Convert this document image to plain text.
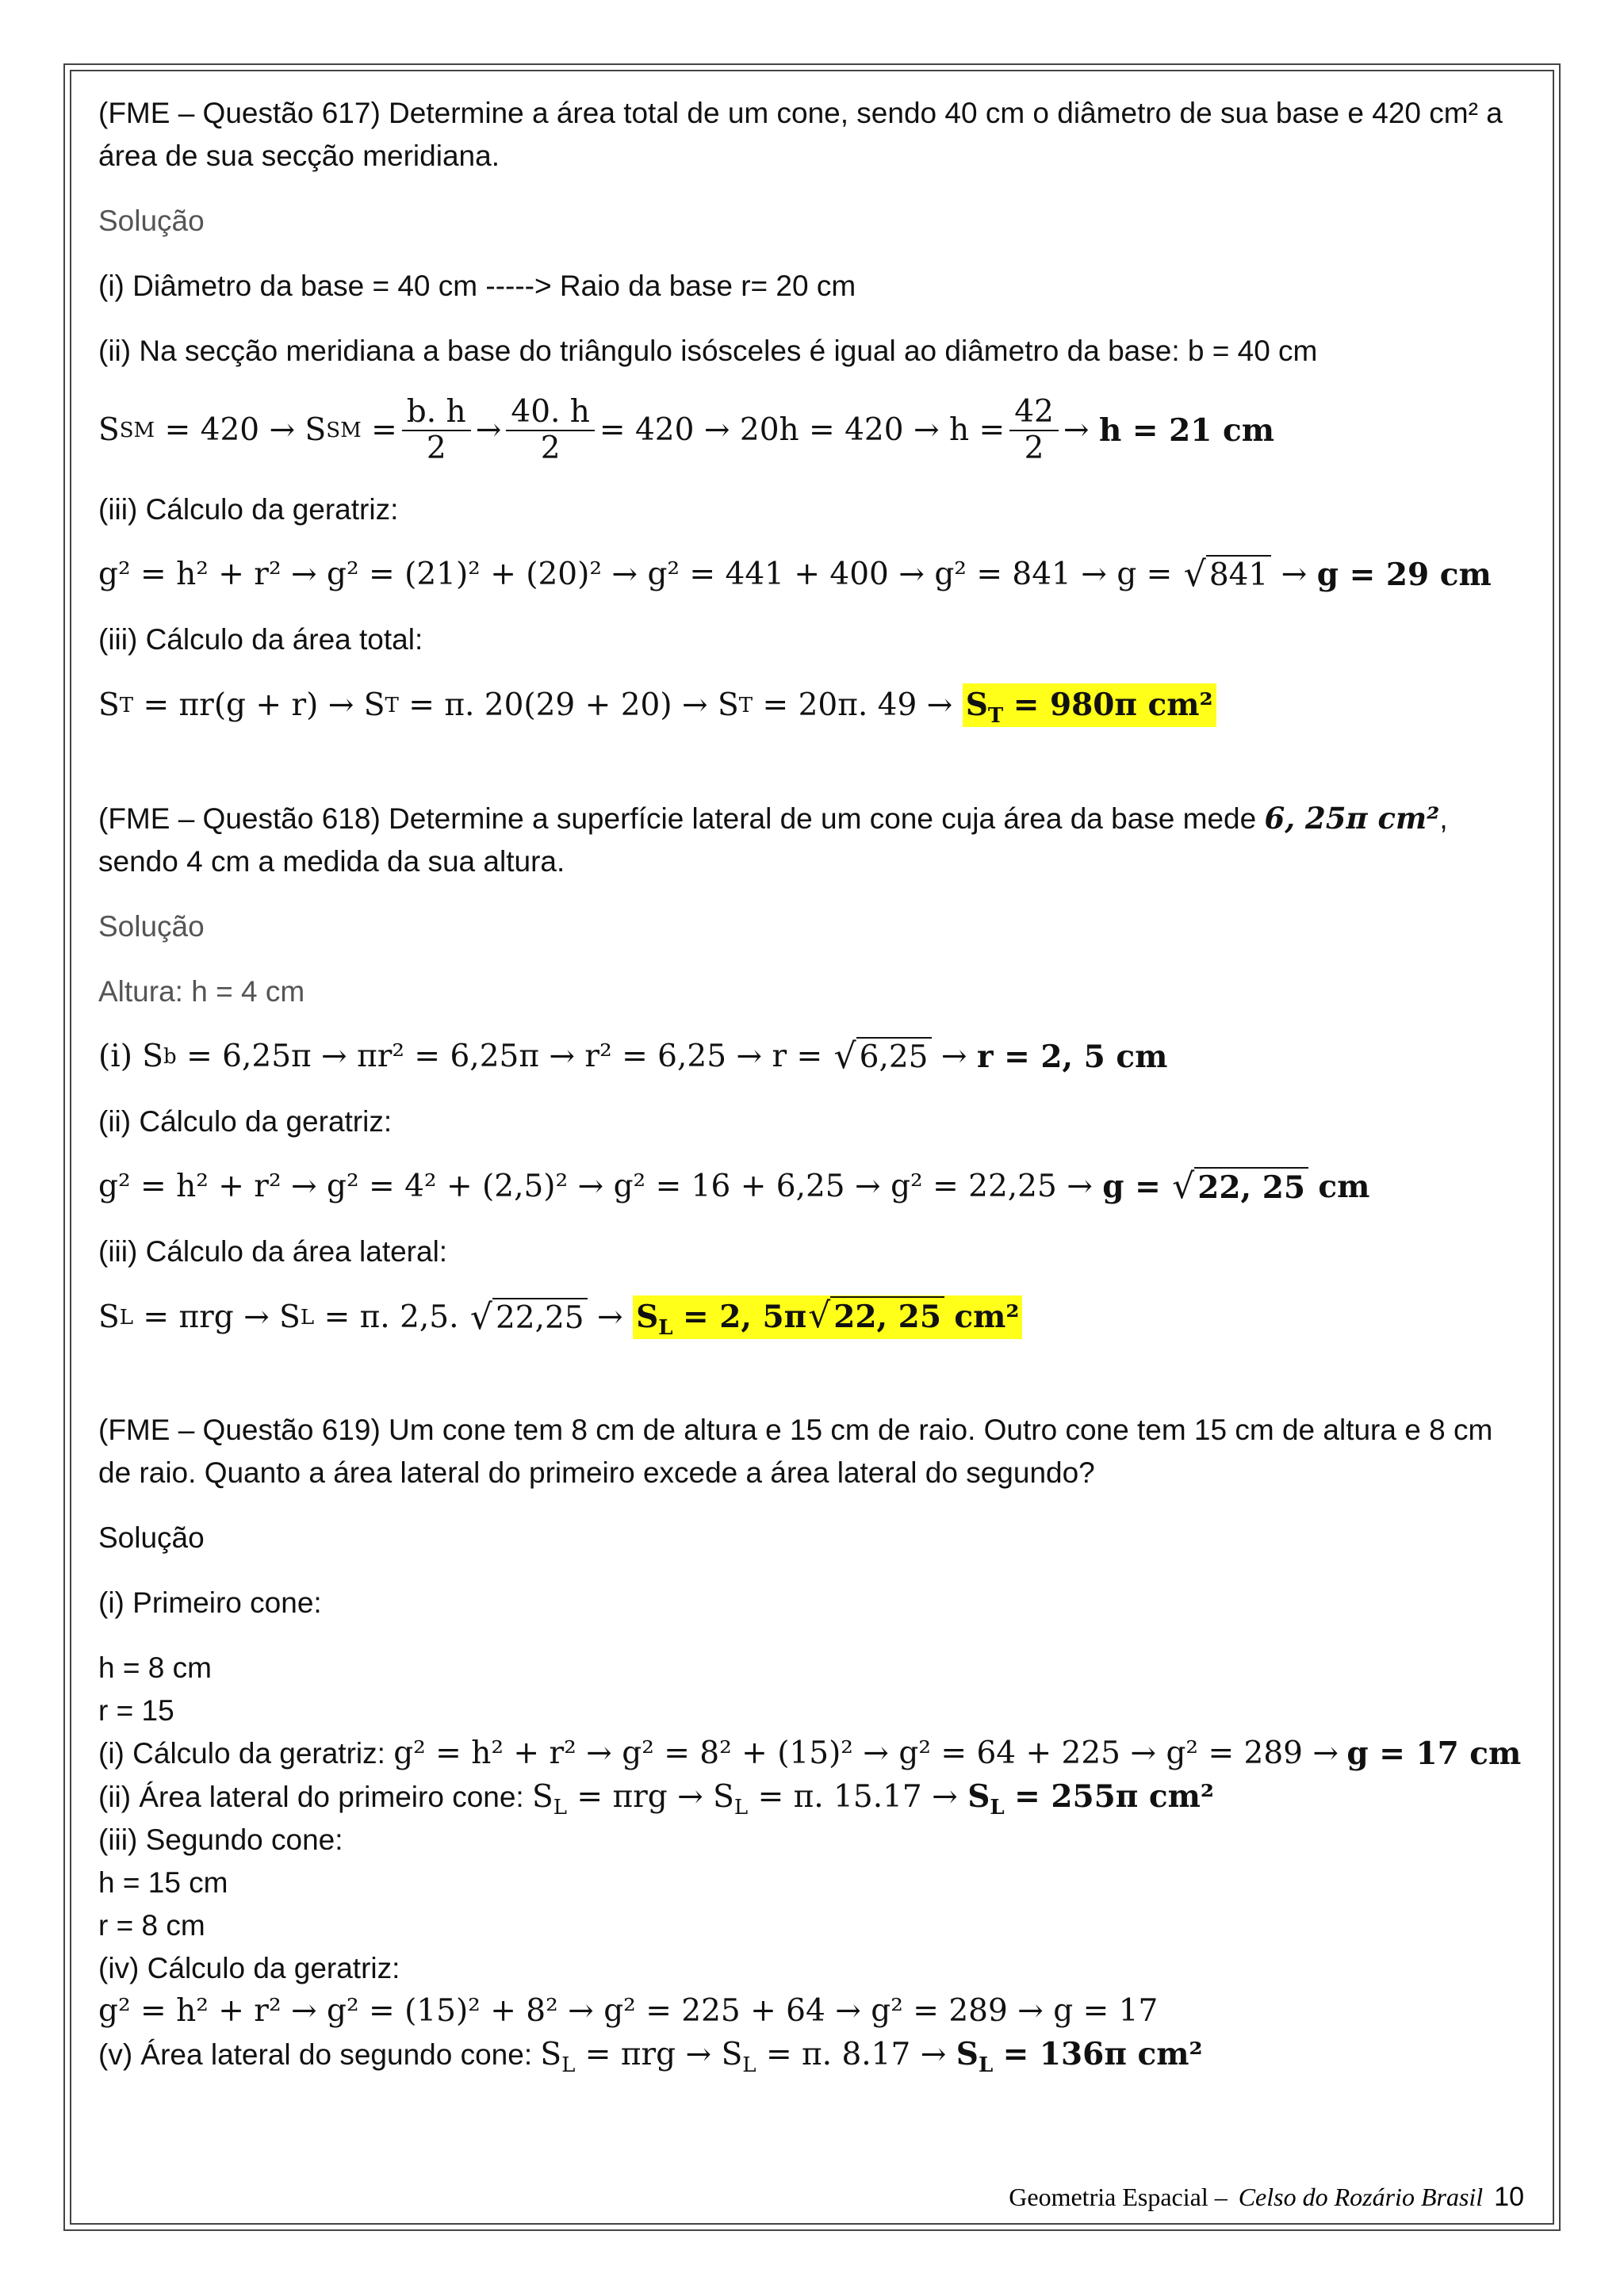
(FME – Questão 617) Determine a área total de um cone, sendo 40 cm o diâmetro de sua base e 420 cm² a área de sua secção meridiana.

Solução

(i) Diâmetro da base = 40 cm -----> Raio da base r= 20 cm

(ii) Na secção meridiana a base do triângulo isósceles é igual ao diâmetro da base: b = 40 cm

S SM
= 420 → S SM
= $\frac{b. h}{2} \to \frac{40. h}{2} = 420 \to 20h = 420 \to h = \frac{42}{2}$ →
h = 21 cm

(iii) Cálculo da geratriz:

g² = h² + r² → g² = (21)² + (20)² → g² = 441 + 400 → g² = 841 → g =
√ 841
→
g = 29 cm

(iii) Cálculo da área total:

S T
= πr(g + r) → S T
= π. 20(29 + 20) → S T
= 20π. 49 →
$S_T = 980\pi$ cm²

(FME – Questão 618) Determine a superfície lateral de um cone cuja área da base mede 6, 25π cm², sendo 4 cm a medida da sua altura.

Solução

Altura: h = 4 cm

(i) S b
= 6,25π → πr² = 6,25π → r² = 6,25 → r =
√ 6,25
→
r = 2, 5 cm

(ii) Cálculo da geratriz:

g² = h² + r² → g² = 4² + (2,5)² → g² = 16 + 6,25 → g² = 22,25 →
g =
√ 22, 25
cm

(iii) Cálculo da área lateral:

S L
= πrg → S L
= π. 2,5.
√ 22,25
→
$S_L = 2$, 5π √ 22, 25 cm²

(FME – Questão 619) Um cone tem 8 cm de altura e 15 cm de raio. Outro cone tem 15 cm de altura e 8 cm de raio. Quanto a área lateral do primeiro excede a área lateral do segundo?

Solução

(i) Primeiro cone:

h = 8 cm

r = 15

(i) Cálculo da geratriz:
g² = h² + r² → g² = 8² + (15)² → g² = 64 + 225 → g² = 289 →
g = 17 cm
(ii) Área lateral do primeiro cone:
$S_L = \pi rg \to S_L = \pi$. $15.17 \to S_L = 255\pi$ cm²

(iii) Segundo cone:

h = 15 cm

r = 8 cm

(iv) Cálculo da geratriz:

g² = h² + r² → g² = (15)² + 8² → g² = 225 + 64 → g² = 289 → g = 17
(v) Área lateral do segundo cone:
$S_L = \pi rg \to S_L = \pi$. $8.17 \to S_L = 136\pi$ cm²
Geometria Espacial – Celso do Rozário Brasil 10
